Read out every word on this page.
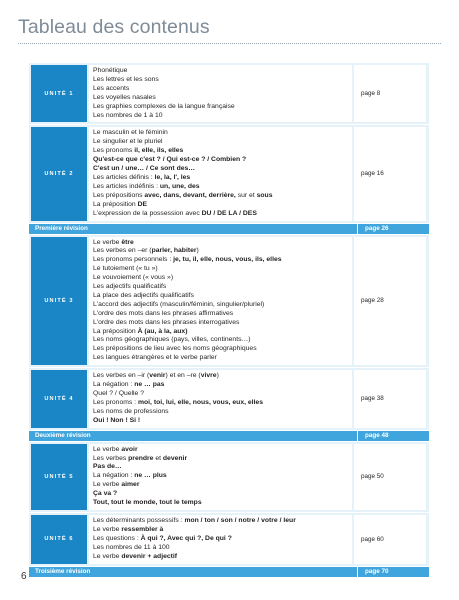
Tableau des contenus
UNITÉ 1
Phonétique
Les lettres et les sons
Les accents
Les voyelles nasales
Les graphies complexes de la langue française
Les nombres de 1 à 10
page 8
UNITÉ 2
Le masculin et le féminin
Le singulier et le pluriel
Les pronoms il, elle, ils, elles
Qu'est-ce que c'est ? / Qui est-ce ? / Combien ?
C'est un / une… / Ce sont des…
Les articles définis : le, la, l', les
Les articles indéfinis : un, une, des
Les prépositions avec, dans, devant, derrière, sur et sous
La préposition DE
L'expression de la possession avec DU / DE LA / DES
page 16
Première révision	page 26
UNITÉ 3
Le verbe être
Les verbes en –er (parler, habiter)
Les pronoms personnels : je, tu, il, elle, nous, vous, ils, elles
Le tutoiement (« tu »)
Le vouvoiement (« vous »)
Les adjectifs qualificatifs
La place des adjectifs qualificatifs
L'accord des adjectifs (masculin/féminin, singulier/pluriel)
L'ordre des mots dans les phrases affirmatives
L'ordre des mots dans les phrases interrogatives
La préposition À (au, à la, aux)
Les noms géographiques (pays, villes, continents…)
Les prépositions de lieu avec les noms géographiques
Les langues étrangères et le verbe parler
page 28
UNITÉ 4
Les verbes en –ir (venir) et en –re (vivre)
La négation : ne … pas
Quel ? / Quelle ?
Les pronoms : moi, toi, lui, elle, nous, vous, eux, elles
Les noms de professions
Oui ! Non ! Si !
page 38
Deuxième révision	page 48
UNITÉ 5
Le verbe avoir
Les verbes prendre et devenir
Pas de…
La négation : ne … plus
Le verbe aimer
Ça va ?
Tout, tout le monde, tout le temps
page 50
UNITÉ 6
Les déterminants possessifs : mon / ton / son / notre / votre / leur
Le verbe ressembler à
Les questions : À qui ?, Avec qui ?, De qui ?
Les nombres de 11 à 100
Le verbe devenir + adjectif
page 60
Troisième révision	page 70
6
